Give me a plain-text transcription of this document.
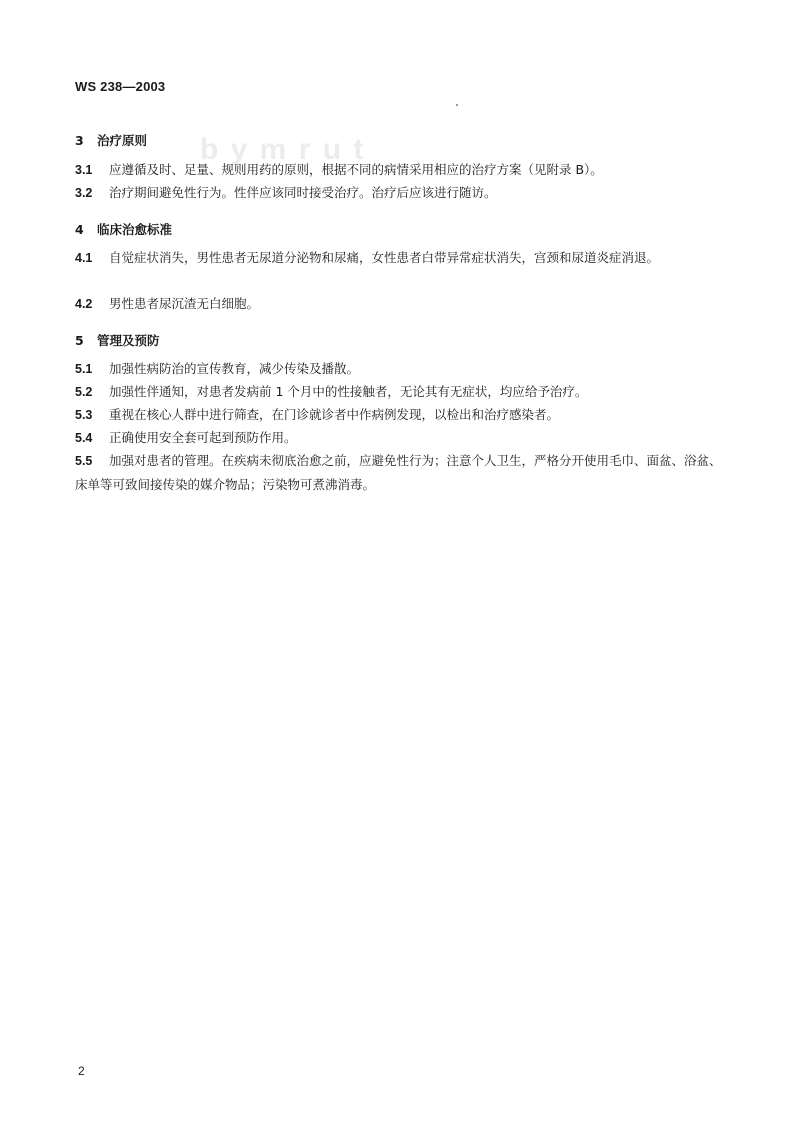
WS 238—2003
b y m r u t
3 治疗原则
3.1 应遵循及时、足量、规则用药的原则，根据不同的病情采用相应的治疗方案（见附录 B）。
3.2 治疗期间避免性行为。性伴应该同时接受治疗。治疗后应该进行随访。
4 临床治愈标准
4.1 自觉症状消失，男性患者无尿道分泌物和尿痛，女性患者白带异常症状消失，宫颈和尿道炎症消退。
4.2 男性患者尿沉渣无白细胞。
5 管理及预防
5.1 加强性病防治的宣传教育，减少传染及播散。
5.2 加强性伴通知，对患者发病前 1 个月中的性接触者，无论其有无症状，均应给予治疗。
5.3 重视在核心人群中进行筛查，在门诊就诊者中作病例发现，以检出和治疗感染者。
5.4 正确使用安全套可起到预防作用。
5.5 加强对患者的管理。在疾病未彻底治愈之前，应避免性行为；注意个人卫生，严格分开使用毛巾、面盆、浴盆、床单等可致间接传染的媒介物品；污染物可煮沸消毒。
2
